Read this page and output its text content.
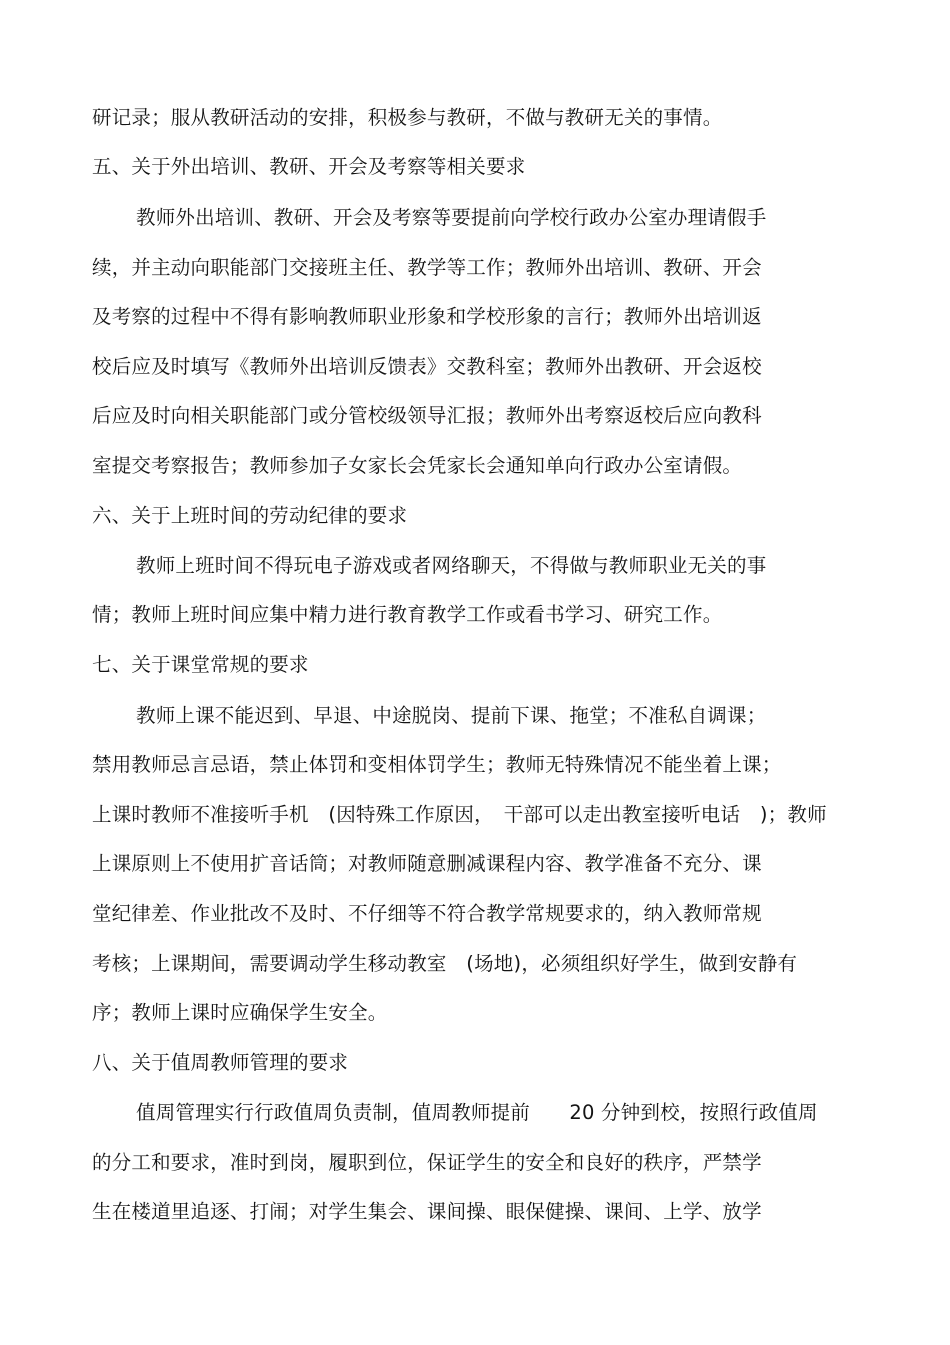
研记录；服从教研活动的安排，积极参与教研，不做与教研无关的事情。
五、关于外出培训、教研、开会及考察等相关要求
教师外出培训、教研、开会及考察等要提前向学校行政办公室办理请假手
续，并主动向职能部门交接班主任、教学等工作；教师外出培训、教研、开会
及考察的过程中不得有影响教师职业形象和学校形象的言行；教师外出培训返
校后应及时填写《教师外出培训反馈表》交教科室；教师外出教研、开会返校
后应及时向相关职能部门或分管校级领导汇报；教师外出考察返校后应向教科
室提交考察报告；教师参加子女家长会凭家长会通知单向行政办公室请假。
六、关于上班时间的劳动纪律的要求
教师上班时间不得玩电子游戏或者网络聊天，不得做与教师职业无关的事
情；教师上班时间应集中精力进行教育教学工作或看书学习、研究工作。
七、关于课堂常规的要求
教师上课不能迟到、早退、中途脱岗、提前下课、拖堂；不准私自调课；
禁用教师忌言忌语，禁止体罚和变相体罚学生；教师无特殊情况不能坐着上课；
上课时教师不准接听手机　(因特殊工作原因，　干部可以走出教室接听电话　)；教师
上课原则上不使用扩音话筒；对教师随意删减课程内容、教学准备不充分、课
堂纪律差、作业批改不及时、不仔细等不符合教学常规要求的，纳入教师常规
考核；上课期间，需要调动学生移动教室　(场地)，必须组织好学生，做到安静有
序；教师上课时应确保学生安全。
八、关于值周教师管理的要求
值周管理实行行政值周负责制，值周教师提前　　20 分钟到校，按照行政值周
的分工和要求，准时到岗，履职到位，保证学生的安全和良好的秩序，严禁学
生在楼道里追逐、打闹；对学生集会、课间操、眼保健操、课间、上学、放学
